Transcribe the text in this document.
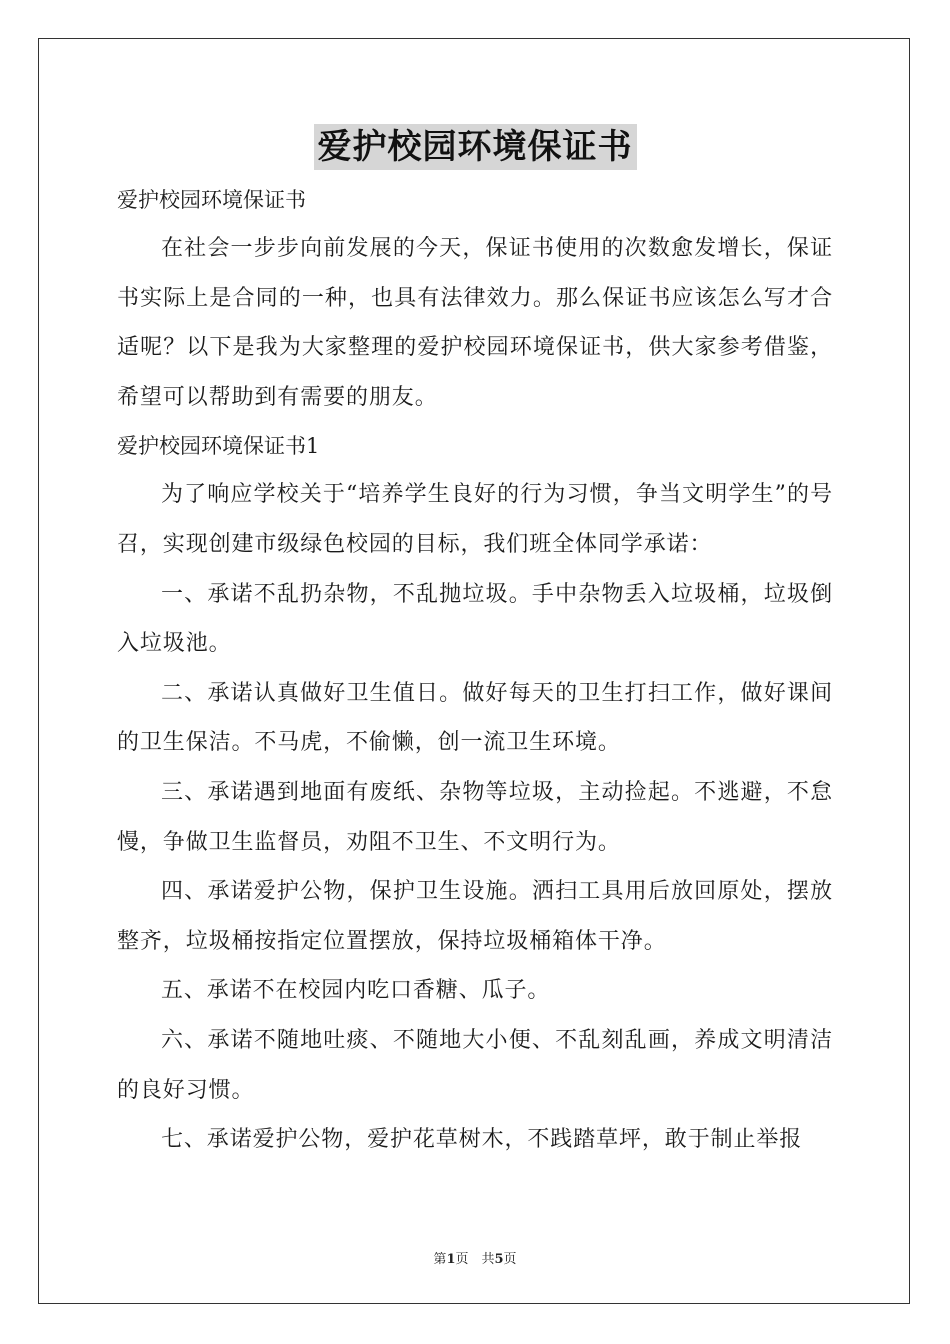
爱护校园环境保证书

爱护校园环境保证书

在社会一步步向前发展的今天，保证书使用的次数愈发增长，保证书实际上是合同的一种，也具有法律效力。那么保证书应该怎么写才合适呢？以下是我为大家整理的爱护校园环境保证书，供大家参考借鉴，希望可以帮助到有需要的朋友。

爱护校园环境保证书1

为了响应学校关于“培养学生良好的行为习惯，争当文明学生”的号召，实现创建市级绿色校园的目标，我们班全体同学承诺：

一、承诺不乱扔杂物，不乱抛垃圾。手中杂物丢入垃圾桶，垃圾倒入垃圾池。

二、承诺认真做好卫生值日。做好每天的卫生打扫工作，做好课间的卫生保洁。不马虎，不偷懒，创一流卫生环境。

三、承诺遇到地面有废纸、杂物等垃圾，主动捡起。不逃避，不怠慢，争做卫生监督员，劝阻不卫生、不文明行为。

四、承诺爱护公物，保护卫生设施。洒扫工具用后放回原处，摆放整齐，垃圾桶按指定位置摆放，保持垃圾桶箱体干净。

五、承诺不在校园内吃口香糖、瓜子。

六、承诺不随地吐痰、不随地大小便、不乱刻乱画，养成文明清洁的良好习惯。

七、承诺爱护公物，爱护花草树木，不践踏草坪，敢于制止举报

第1页　共5页
